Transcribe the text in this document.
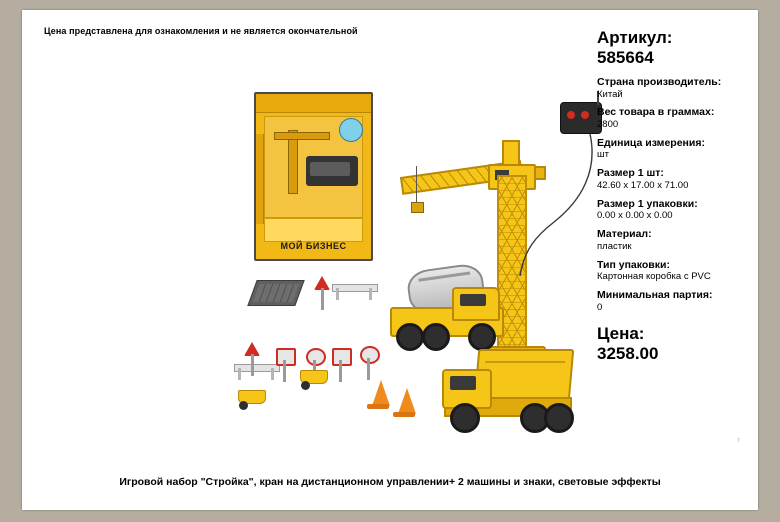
Цена представлена для ознакомления и не является окончательной
МОЙ БИЗНЕС
r
Артикул:
585664
Страна производитель:
Китай
Вес товара в граммах:
2800
Единица измерения:
шт
Размер 1 шт:
42.60 x 17.00 x 71.00
Размер 1 упаковки:
0.00 x 0.00 x 0.00
Материал:
пластик
Тип упаковки:
Картонная коробка с PVC
Минимальная партия:
0
Цена:
3258.00
Игровой набор "Стройка", кран на дистанционном управлении+ 2 машины и знаки, световые эффекты
